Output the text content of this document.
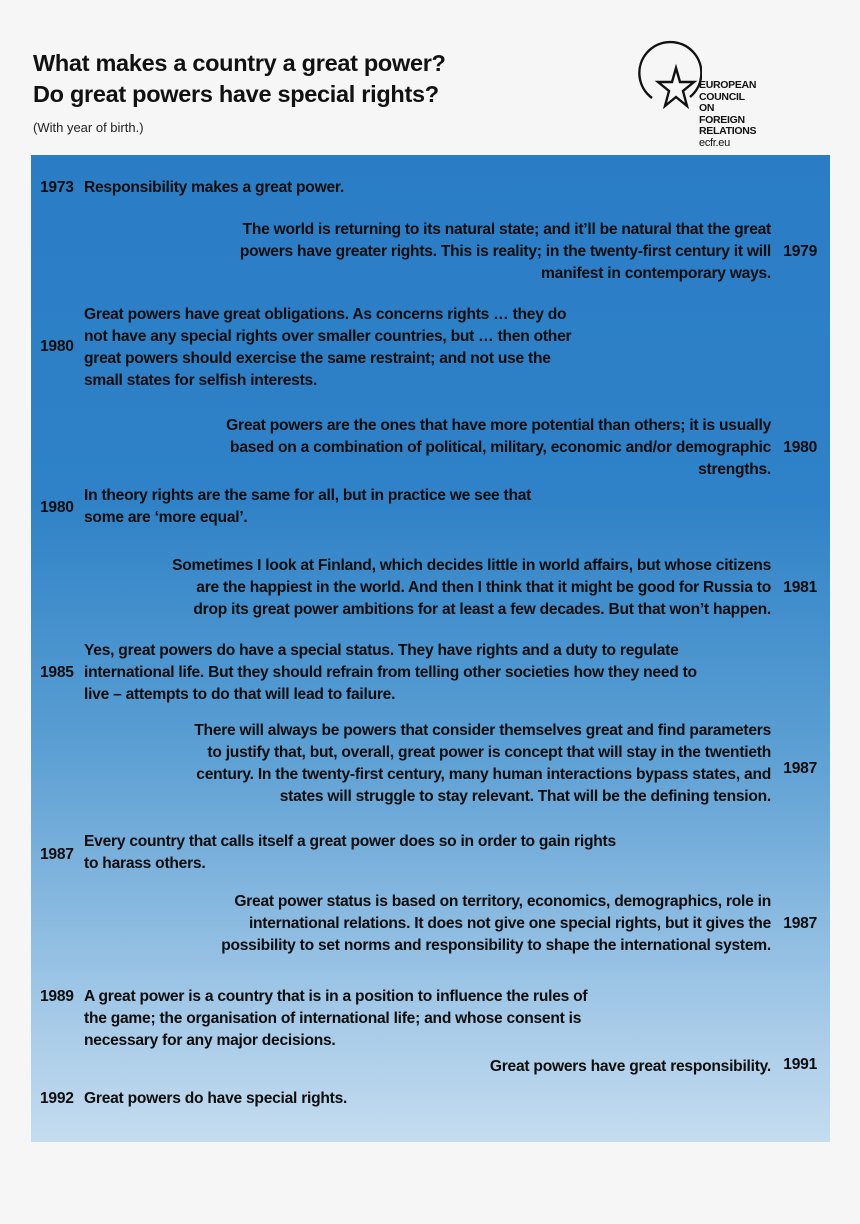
What makes a country a great power?
Do great powers have special rights?
(With year of birth.)
EUROPEAN
COUNCIL
ON FOREIGN
RELATIONS
ecfr.eu
1973 Responsibility makes a great power.
1979
The world is returning to its natural state; and it’ll be natural that the great
powers have greater rights. This is reality; in the twenty-first century it will
manifest in contemporary ways.
1980
Great powers have great obligations. As concerns rights … they do
not have any special rights over smaller countries, but … then other
great powers should exercise the same restraint; and not use the
small states for selfish interests.
1980
Great powers are the ones that have more potential than others; it is usually
based on a combination of political, military, economic and/or demographic
strengths.
1980
In theory rights are the same for all, but in practice we see that
some are ‘more equal’.
1981
Sometimes I look at Finland, which decides little in world affairs, but whose citizens
are the happiest in the world. And then I think that it might be good for Russia to
drop its great power ambitions for at least a few decades. But that won’t happen.
1985
Yes, great powers do have a special status. They have rights and a duty to regulate
international life. But they should refrain from telling other societies how they need to
live – attempts to do that will lead to failure.
1987
There will always be powers that consider themselves great and find parameters
to justify that, but, overall, great power is concept that will stay in the twentieth
century. In the twenty-first century, many human interactions bypass states, and
states will struggle to stay relevant. That will be the defining tension.
1987
Every country that calls itself a great power does so in order to gain rights
to harass others.
1987
Great power status is based on territory, economics, demographics, role in
international relations. It does not give one special rights, but it gives the
possibility to set norms and responsibility to shape the international system.
1989 A great power is a country that is in a position to influence the rules of
the game; the organisation of international life; and whose consent is
necessary for any major decisions.
1991
Great powers have great responsibility.
1992 Great powers do have special rights.
